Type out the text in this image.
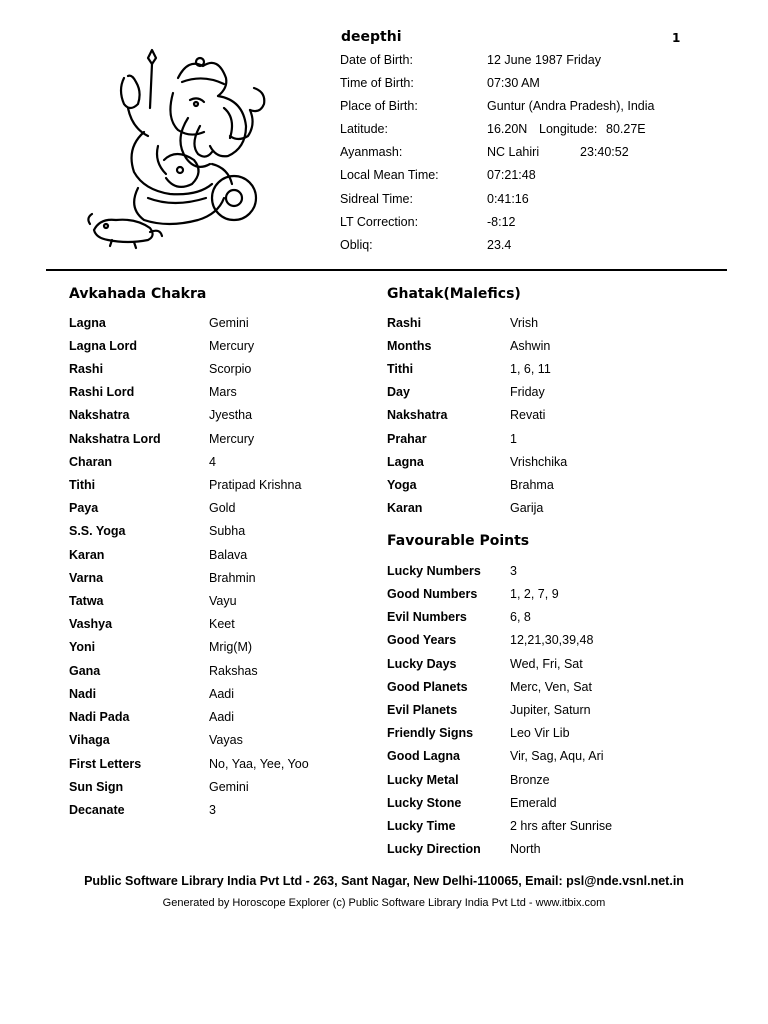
deepthi	1
Date of Birth:	12 June 1987 Friday
Time of Birth:	07:30 AM
Place of Birth:	Guntur (Andra Pradesh), India
Latitude:	16.20N Longitude: 80.27E
Ayanmash:	NC Lahiri	23:40:52
Local Mean Time:	07:21:48
Sidreal Time:	0:41:16
LT Correction:	-8:12
Obliq:	23.4
Avkahada Chakra	Ghatak(Malefics)
Favourable Points
Lagna	Gemini
Lagna Lord	Mercury
Rashi	Scorpio
Rashi Lord	Mars
Nakshatra	Jyestha
Nakshatra Lord	Mercury
Charan	4
Tithi	Pratipad Krishna
Paya	Gold
S.S. Yoga	Subha
Karan	Balava
Varna	Brahmin
Tatwa	Vayu
Vashya	Keet
Yoni	Mrig(M)
Gana	Rakshas
Nadi	Aadi
Nadi Pada	Aadi
Vihaga	Vayas
First Letters	No, Yaa, Yee, Yoo
Sun Sign	Gemini
Decanate	3
Rashi	Vrish
Months	Ashwin
Tithi	1, 6, 11
Day	Friday
Nakshatra	Revati
Prahar	1
Lagna	Vrishchika
Yoga	Brahma
Karan	Garija
Lucky Numbers 3
Good Numbers	1, 2, 7, 9
Evil Numbers	6, 8
Good Years	12,21,30,39,48
Lucky Days	Wed, Fri, Sat
Good Planets	Merc, Ven, Sat
Evil Planets	Jupiter, Saturn
Friendly Signs	Leo Vir Lib
Good Lagna	Vir, Sag, Aqu, Ari
Lucky Metal	Bronze
Lucky Stone	Emerald
Lucky Time	2 hrs after Sunrise
Lucky Direction North
Public Software Library India Pvt Ltd - 263, Sant Nagar, New Delhi-110065, Email: psl@nde.vsnl.net.in
Generated by Horoscope Explorer (c) Public Software Library India Pvt Ltd - www.itbix.com
